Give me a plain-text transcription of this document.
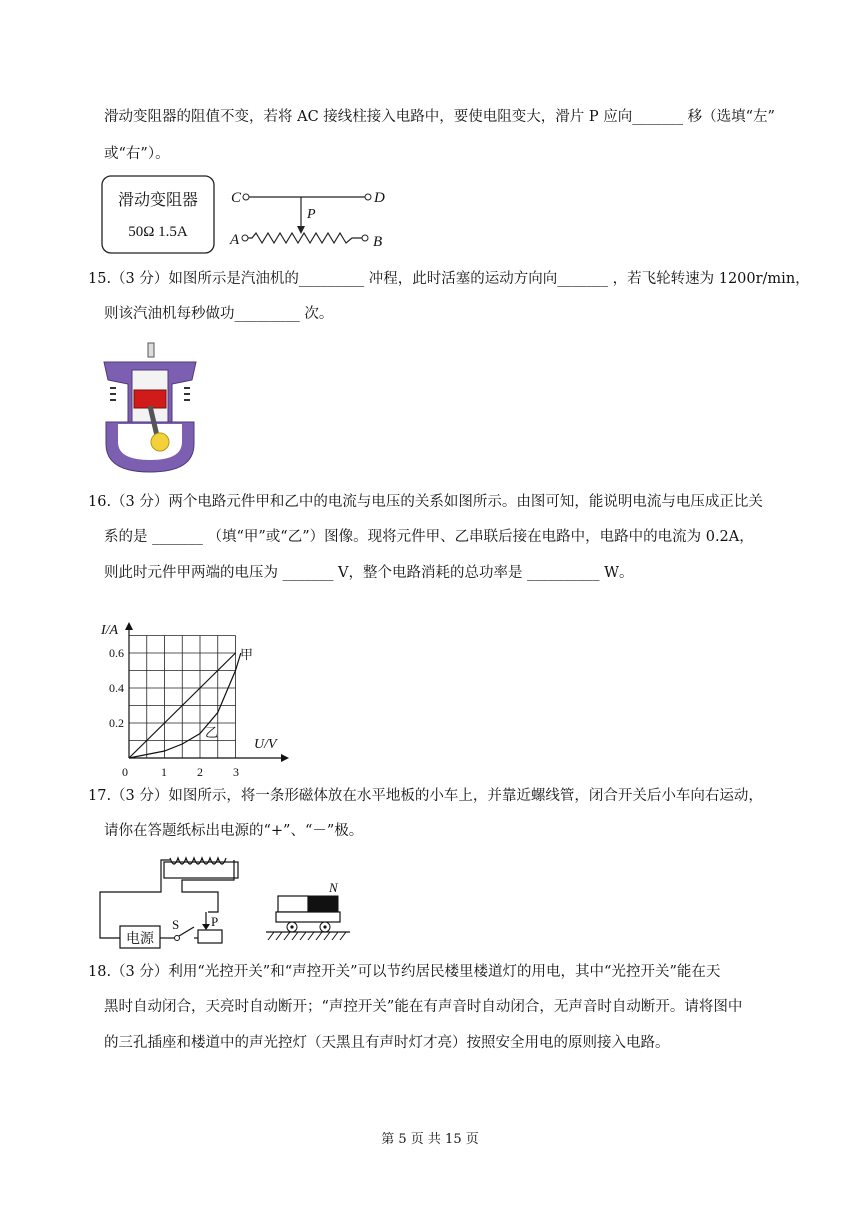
滑动变阻器的阻值不变，若将 AC 接线柱接入电路中，要使电阻变大，滑片 P 应向_______ 移（选填“左”
或“右”）。
滑动变阻器
50Ω 1.5A
C	D
P
A	B
15.（3 分）如图所示是汽油机的_________ 冲程，此时活塞的运动方向向_______ ，若飞轮转速为 1200r/min，
则该汽油机每秒做功_________ 次。
16.（3 分）两个电路元件甲和乙中的电流与电压的关系如图所示。由图可知，能说明电流与电压成正比关
系的是 _______ （填“甲”或“乙”）图像。现将元件甲、乙串联后接在电路中，电路中的电流为 0.2A，
则此时元件甲两端的电压为 _______ V，整个电路消耗的总功率是 __________ W。
I/A
U/V
0	1	2	3
0.2
0.4
0.6	甲
乙
17.（3 分）如图所示，将一条形磁体放在水平地板的小车上，并靠近螺线管，闭合开关后小车向右运动，
请你在答题纸标出电源的“+”、“－”极。
电源
S P
N
18.（3 分）利用“光控开关”和“声控开关”可以节约居民楼里楼道灯的用电，其中“光控开关”能在天
黑时自动闭合，天亮时自动断开；“声控开关”能在有声音时自动闭合，无声音时自动断开。请将图中
的三孔插座和楼道中的声光控灯（天黑且有声时灯才亮）按照安全用电的原则接入电路。
第 5 页 共 15 页
